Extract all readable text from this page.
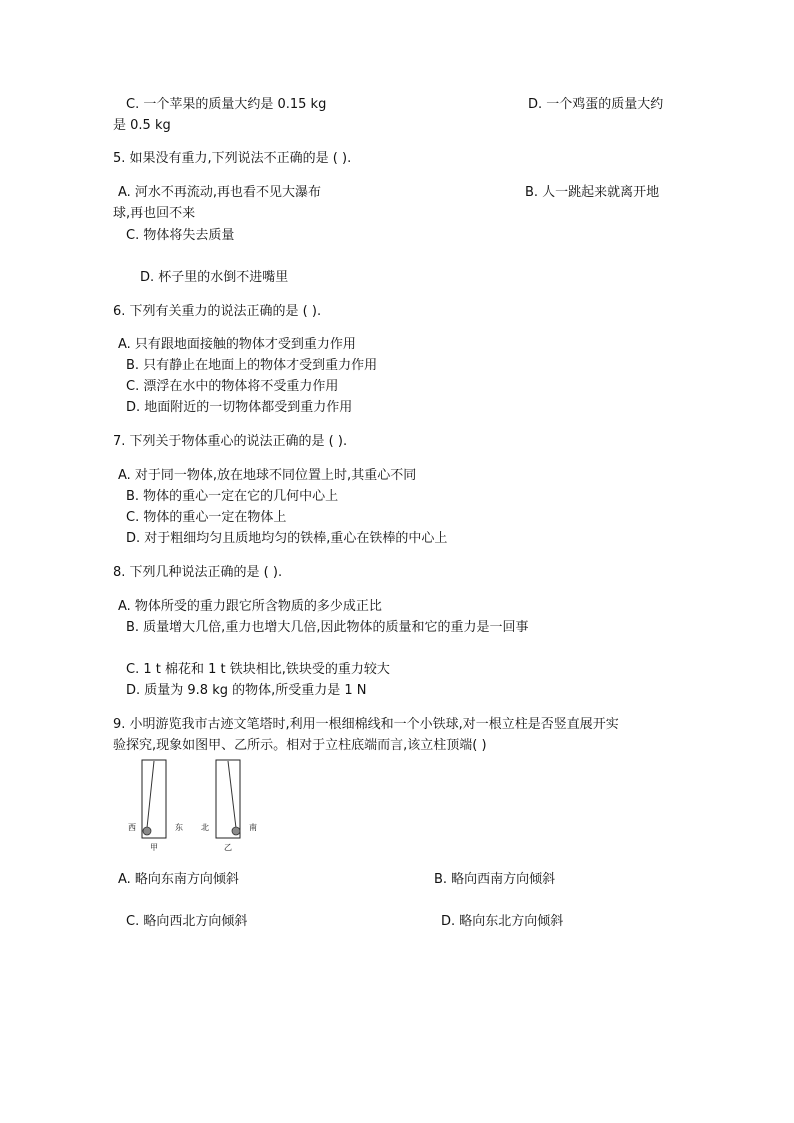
C. 一个苹果的质量大约是 0.15 kg	D. 一个鸡蛋的质量大约
是 0.5 kg
5. 如果没有重力,下列说法不正确的是 ( ).
A. 河水不再流动,再也看不见大瀑布	B. 人一跳起来就离开地
球,再也回不来
C. 物体将失去质量
D. 杯子里的水倒不进嘴里
6. 下列有关重力的说法正确的是 ( ).
A. 只有跟地面接触的物体才受到重力作用
B. 只有静止在地面上的物体才受到重力作用
C. 漂浮在水中的物体将不受重力作用
D. 地面附近的一切物体都受到重力作用
7. 下列关于物体重心的说法正确的是 ( ).
A. 对于同一物体,放在地球不同位置上时,其重心不同
B. 物体的重心一定在它的几何中心上
C. 物体的重心一定在物体上
D. 对于粗细均匀且质地均匀的铁棒,重心在铁棒的中心上
8. 下列几种说法正确的是 ( ).
A. 物体所受的重力跟它所含物质的多少成正比
B. 质量增大几倍,重力也增大几倍,因此物体的质量和它的重力是一回事
C. 1 t 棉花和 1 t 铁块相比,铁块受的重力较大
D. 质量为 9.8 kg 的物体,所受重力是 1 N
9. 小明游览我市古迹文笔塔时,利用一根细棉线和一个小铁球,对一根立柱是否竖直展开实
验探究,现象如图甲、乙所示。相对于立柱底端而言,该立柱顶端( )
西	东 北	南
甲	乙
A. 略向东南方向倾斜	B. 略向西南方向倾斜
C. 略向西北方向倾斜	D. 略向东北方向倾斜
